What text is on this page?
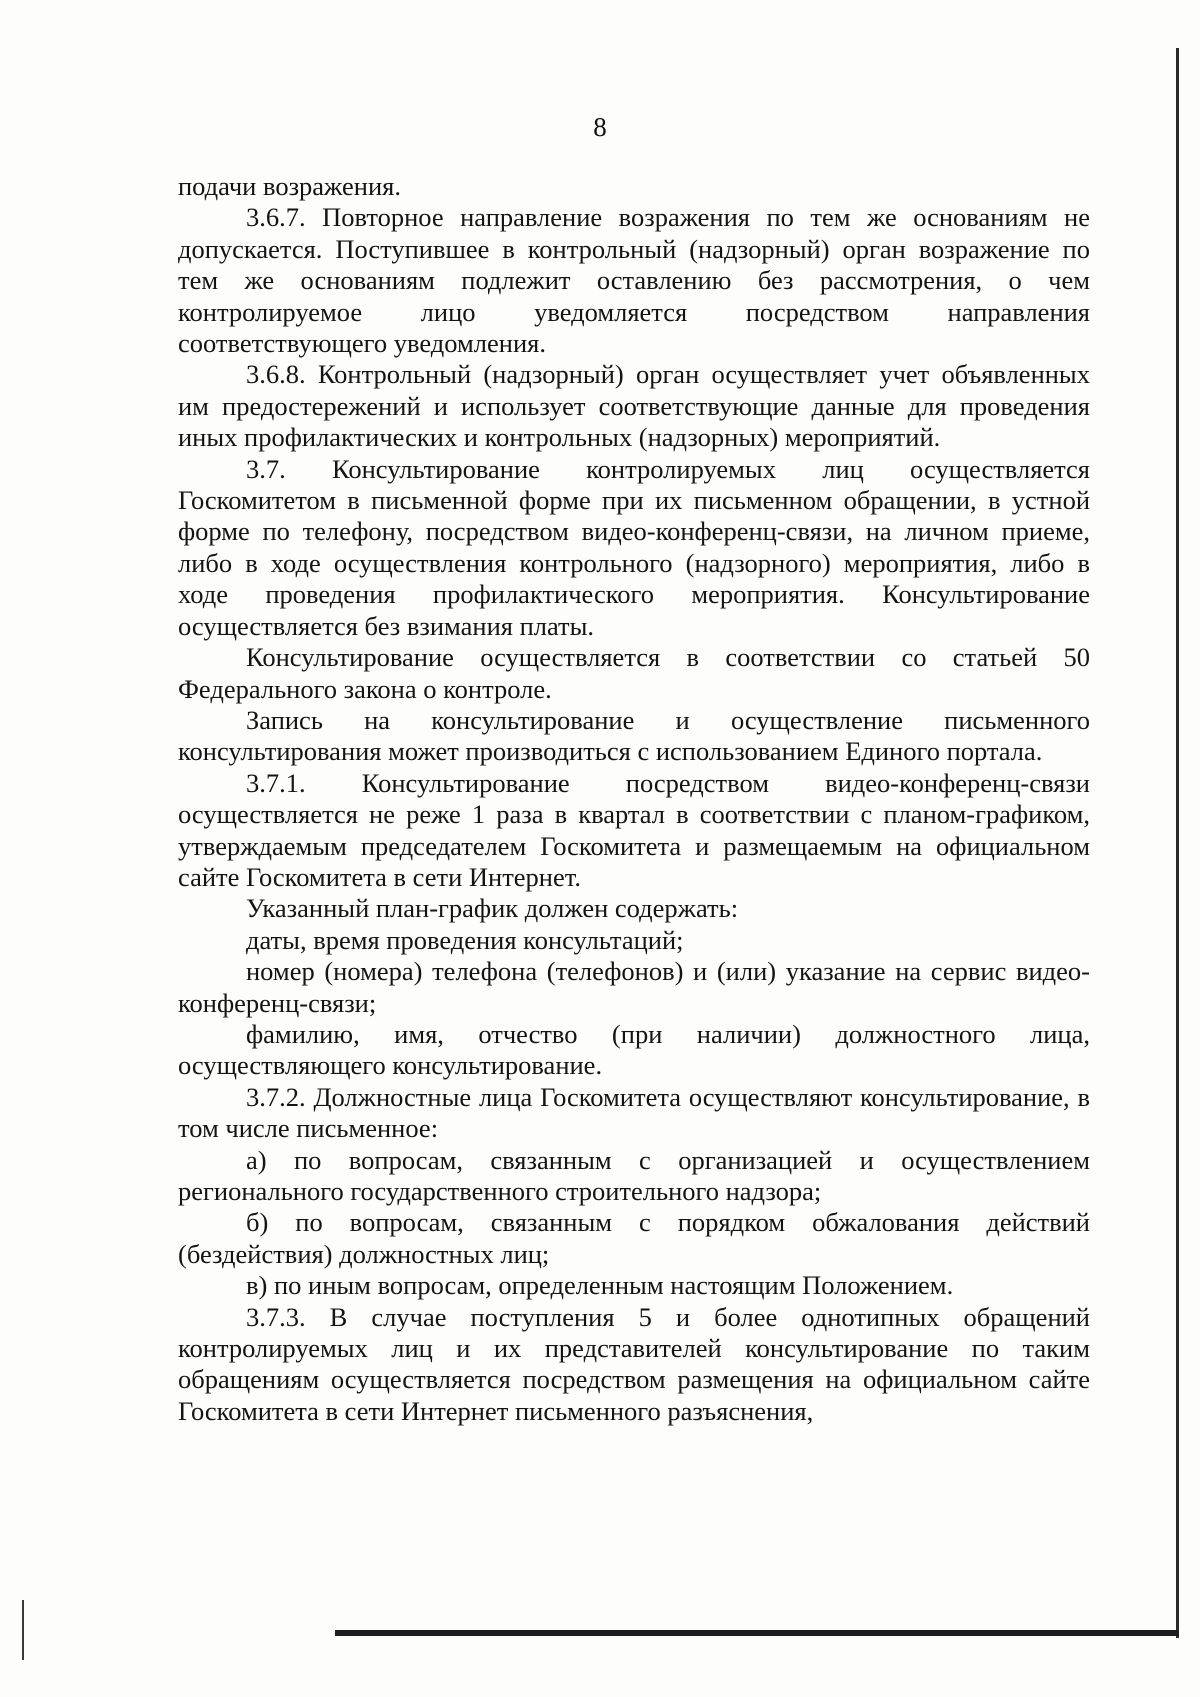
8

подачи возражения.

3.6.7. Повторное направление возражения по тем же основаниям не допускается. Поступившее в контрольный (надзорный) орган возражение по тем же основаниям подлежит оставлению без рассмотрения, о чем контролируемое лицо уведомляется посредством направления соответствующего уведомления.

3.6.8. Контрольный (надзорный) орган осуществляет учет объявленных им предостережений и использует соответствующие данные для проведения иных профилактических и контрольных (надзорных) мероприятий.

3.7. Консультирование контролируемых лиц осуществляется Госкомитетом в письменной форме при их письменном обращении, в устной форме по телефону, посредством видео-конференц-связи, на личном приеме, либо в ходе осуществления контрольного (надзорного) мероприятия, либо в ходе проведения профилактического мероприятия. Консультирование осуществляется без взимания платы.

Консультирование осуществляется в соответствии со статьей 50 Федерального закона о контроле.

Запись на консультирование и осуществление письменного консультирования может производиться с использованием Единого портала.

3.7.1. Консультирование посредством видео-конференц-связи осуществляется не реже 1 раза в квартал в соответствии с планом-графиком, утверждаемым председателем Госкомитета и размещаемым на официальном сайте Госкомитета в сети Интернет.

Указанный план-график должен содержать:

даты, время проведения консультаций;

номер (номера) телефона (телефонов) и (или) указание на сервис видео-конференц-связи;

фамилию, имя, отчество (при наличии) должностного лица, осуществляющего консультирование.

3.7.2. Должностные лица Госкомитета осуществляют консультирование, в том числе письменное:

а) по вопросам, связанным с организацией и осуществлением регионального государственного строительного надзора;

б) по вопросам, связанным с порядком обжалования действий (бездействия) должностных лиц;

в) по иным вопросам, определенным настоящим Положением.

3.7.3. В случае поступления 5 и более однотипных обращений контролируемых лиц и их представителей консультирование по таким обращениям осуществляется посредством размещения на официальном сайте Госкомитета в сети Интернет письменного разъяснения,
